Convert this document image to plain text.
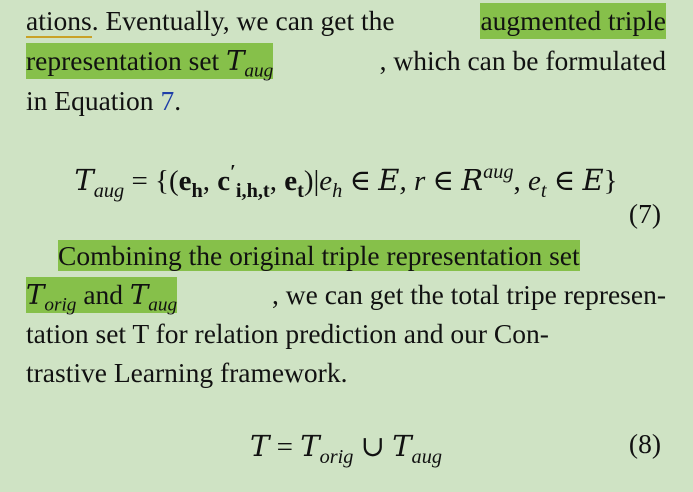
ations. Eventually, we can get the	augmented triple
representation set $T_{aug}$	, which can be formulated
in Equation 7.
$T_{aug} = \{(e_h$, $c'_{i,h,t}$, $e_t)|e_h$ ∈ E, r ∈ $R^{aug}$, $e_t$ ∈ E}
(7)
Combining the original triple representation set
$T_{orig}$ and $T_{aug}$	, we can get the total tripe represen-
tation set T for relation prediction and our Con-
trastive Learning framework.
$T = T_{orig}$ ∪ $T_{aug}$	(8)
